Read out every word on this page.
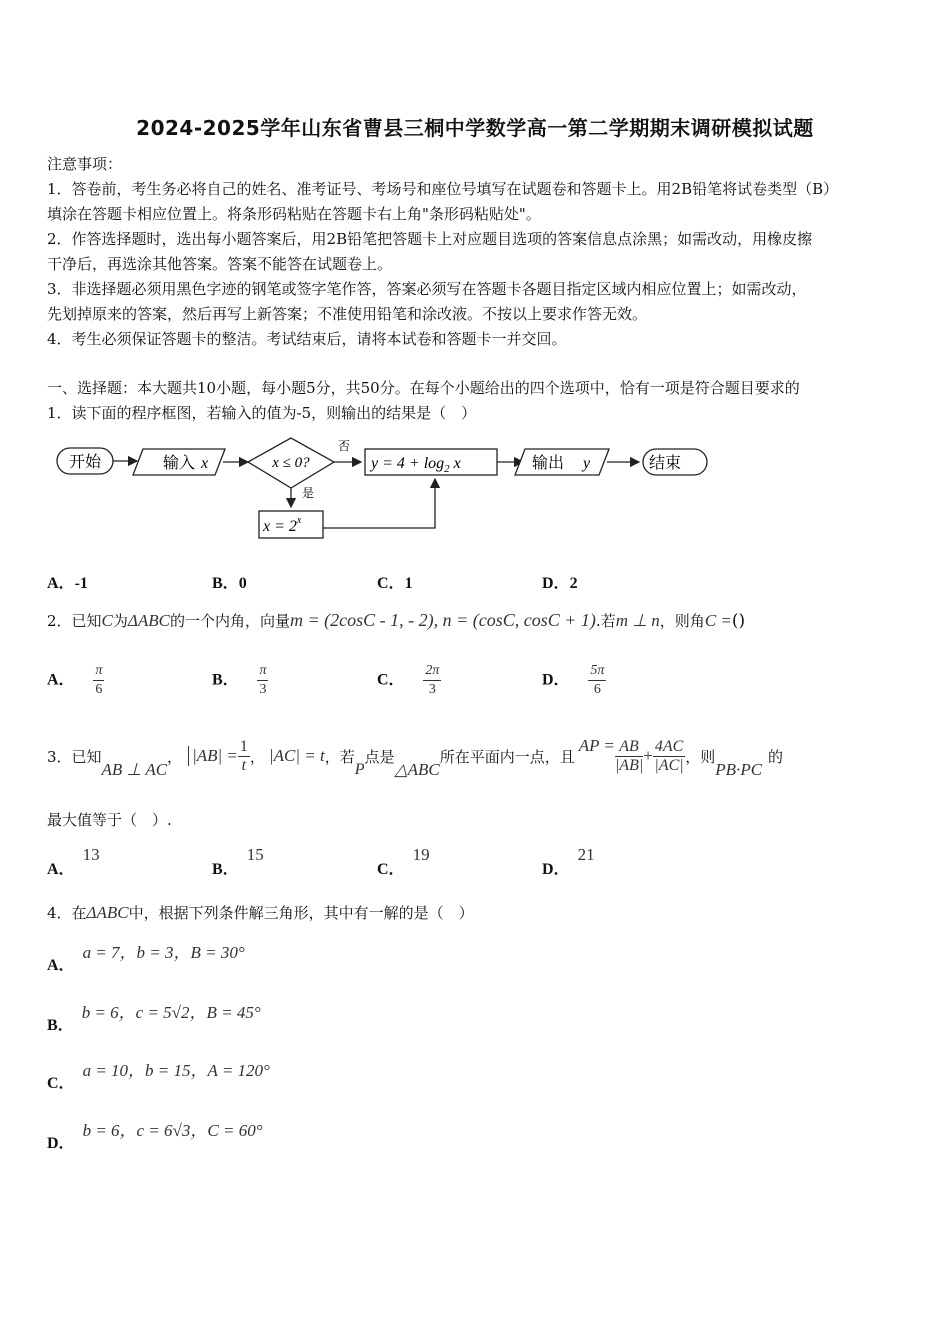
2024-2025学年山东省曹县三桐中学数学高一第二学期期末调研模拟试题
注意事项：
1．答卷前，考生务必将自己的姓名、准考证号、考场号和座位号填写在试题卷和答题卡上。用2B铅笔将试卷类型（B）
填涂在答题卡相应位置上。将条形码粘贴在答题卡右上角"条形码粘贴处"。
2．作答选择题时，选出每小题答案后，用2B铅笔把答题卡上对应题目选项的答案信息点涂黑；如需改动，用橡皮擦
干净后，再选涂其他答案。答案不能答在试题卷上。
3．非选择题必须用黑色字迹的钢笔或签字笔作答，答案必须写在答题卡各题目指定区域内相应位置上；如需改动，
先划掉原来的答案，然后再写上新答案；不准使用铅笔和涂改液。不按以上要求作答无效。
4．考生必须保证答题卡的整洁。考试结束后，请将本试卷和答题卡一并交回。
一、选择题：本大题共10小题，每小题5分，共50分。在每个小题给出的四个选项中，恰有一项是符合题目要求的
1．读下面的程序框图，若输入的值为-5，则输出的结果是（　）
开始	输入 x	x ≤ 0?
否
是
$y = 4 + \log_2 x$
$x = 2^x$
输出 y	结束
A．-1	B．0	C．1	D．2
2．已知C为ΔABC的一个内角，向量m = (2cosC - 1, - 2), n = (cosC, cosC + 1).若m ⊥ n，则角C =()
A． $\frac{\pi}{6}$	B． $\frac{\pi}{3}$	C． $\frac{2\pi}{3}$	D． $\frac{5\pi}{6}$
3．已知
AB ⊥ AC
， $|AB| = \frac{1}{t}$ ， |AC| = t ，若
P
点是
△ABC
所在平面内一点，且
AP = $\frac{AB}{|AB|} + \frac{4AC}{|AC|}$ ，则
PB·PC
的
最大值等于（　）.
A．13
B．15
C．19
D．21
4．在ΔABC中，根据下列条件解三角形，其中有一解的是（　）
A．a = 7，b = 3，B = 30°
B．b = 6，c = 5√2，B = 45°
C．a = 10，b = 15，A = 120°
D．b = 6，c = 6√3，C = 60°
